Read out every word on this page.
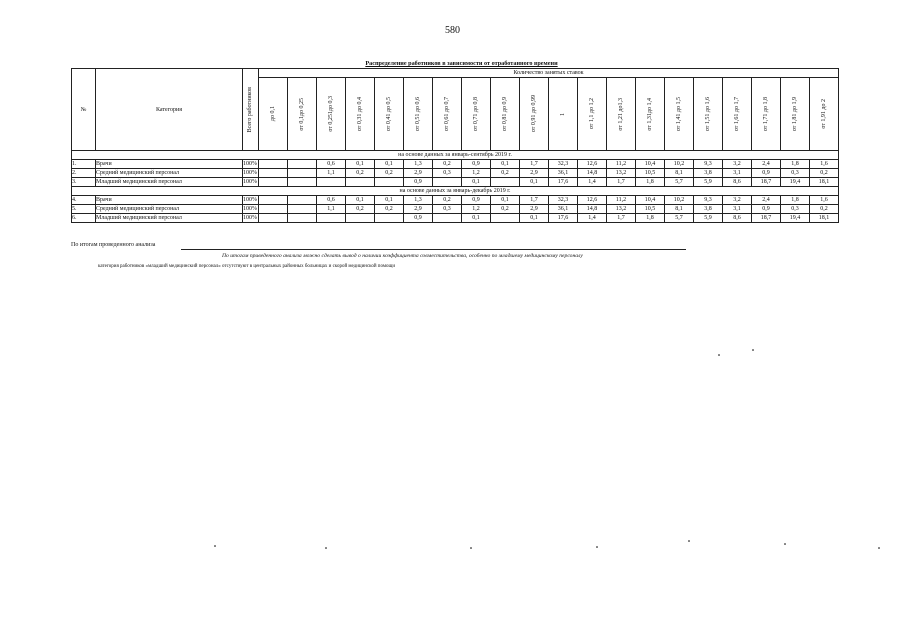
580
Распределение работников в зависимости от отработанного времени
№	Категория	Всего работников	Количество занятых ставок																			

			до 0,1	от 0,1до 0,25	от 0,251до 0,3	от 0,31 до 0,4	от 0,41 до 0,5	от 0,51 до 0,6	от 0,61 до 0,7	от 0,71 до 0,8	от 0,81 до 0,9	от 0,91 до 0,99	1	от 1,1 до 1,2	от 1,21 до1,3	от 1,31до 1,4	от 1,41 до 1,5	от 1,51 до 1,6	от 1,61 до 1,7	от 1,71 до 1,8	от 1,81 до 1,9	от 1,91 до 2

на основе данных за январь-сентябрь 2019 г.																						
1.	Врачи	100%			0,6	0,1	0,1	1,3	0,2	0,9	0,1	1,7	32,3	12,6	11,2	10,4	10,2	9,3	3,2	2,4	1,8	1,6
2.	Средний медицинский персонал	100%			1,1	0,2	0,2	2,9	0,3	1,2	0,2	2,9	36,1	14,8	13,2	10,5	8,1	3,8	3,1	0,9	0,3	0,2
3.	Младший медицинский персонал	100%						0,9		0,1		0,1	17,6	1,4	1,7	1,8	5,7	5,9	8,6	18,7	19,4	18,1
на основе данных за январь-декабрь 2019 г.																						
4.	Врачи	100%			0,6	0,1	0,1	1,3	0,2	0,9	0,1	1,7	32,3	12,6	11,2	10,4	10,2	9,3	3,2	2,4	1,8	1,6
5.	Средний медицинский персонал	100%			1,1	0,2	0,2	2,9	0,3	1,2	0,2	2,9	36,1	14,8	13,2	10,5	8,1	3,8	3,1	0,9	0,3	0,2
6.	Младший медицинский персонал	100%						0,9		0,1		0,1	17,6	1,4	1,7	1,8	5,7	5,9	8,6	18,7	19,4	18,1
По итогам проведенного анализа
По итогам приведенного анализа можно сделать вывод о наличии коэффициента совместительства, особенно по младшему медицинскому персоналу
категория работников «младший медицинский персонал» отсутствуют в центральных районных больницах и скорой медицинской помощи
